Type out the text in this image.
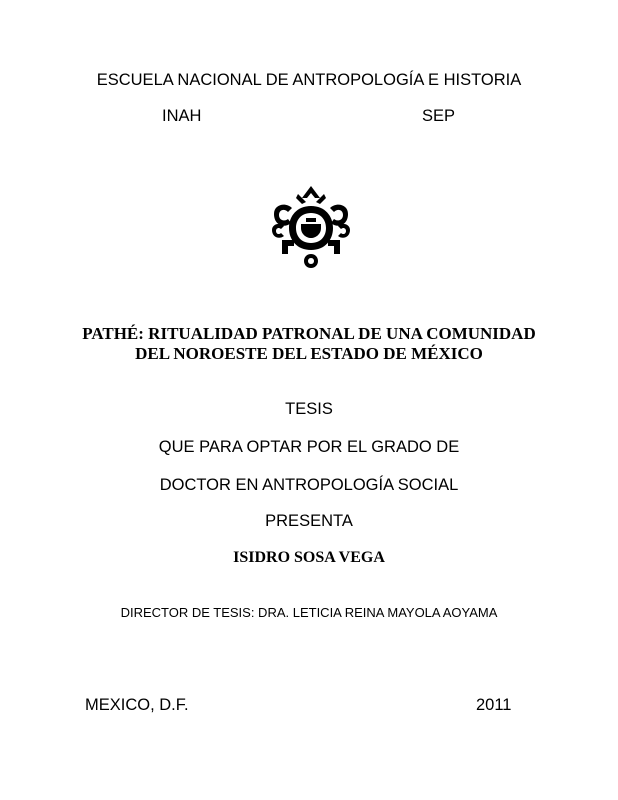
ESCUELA NACIONAL DE ANTROPOLOGÍA E HISTORIA
INAH	SEP
PATHÉ: RITUALIDAD PATRONAL DE UNA COMUNIDAD
DEL NOROESTE DEL ESTADO DE MÉXICO
TESIS
QUE PARA OPTAR POR EL GRADO DE
DOCTOR EN ANTROPOLOGÍA SOCIAL
PRESENTA
ISIDRO SOSA VEGA
DIRECTOR DE TESIS: DRA. LETICIA REINA MAYOLA AOYAMA
MEXICO, D.F.	2011
